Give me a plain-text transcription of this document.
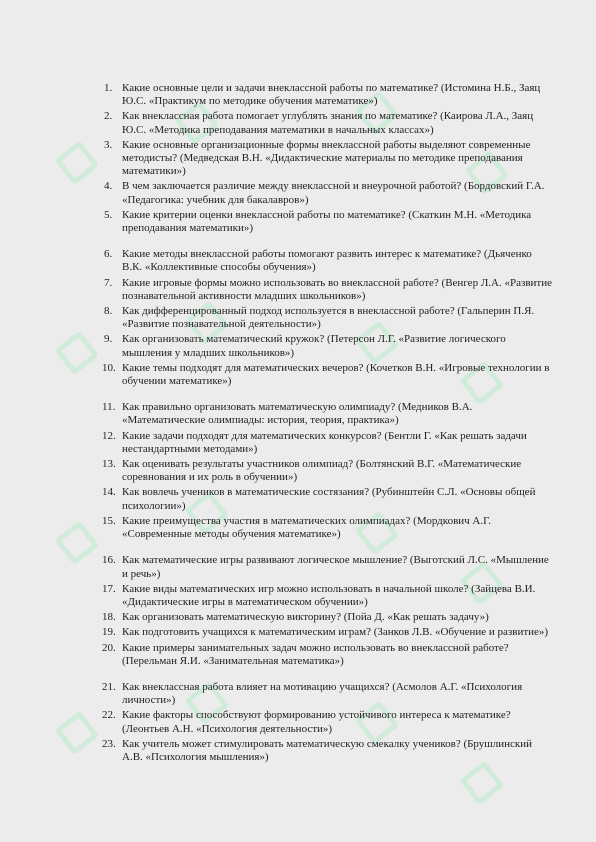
1. Какие основные цели и задачи внеклассной работы по математике? (Истомина Н.Б., Заяц Ю.С. «Практикум по методике обучения математике»)
2. Как внеклассная работа помогает углублять знания по математике? (Каирова Л.А., Заяц Ю.С. «Методика преподавания математики в начальных классах»)
3. Какие основные организационные формы внеклассной работы выделяют современные методисты? (Медведская В.Н. «Дидактические материалы по методике преподавания математики»)
4. В чем заключается различие между внеклассной и внеурочной работой? (Бордовский Г.А. «Педагогика: учебник для бакалавров»)
5. Какие критерии оценки внеклассной работы по математике? (Скаткин М.Н. «Методика преподавания математики»)
6. Какие методы внеклассной работы помогают развить интерес к математике? (Дьяченко В.К. «Коллективные способы обучения»)
7. Какие игровые формы можно использовать во внеклассной работе? (Венгер Л.А. «Развитие познавательной активности младших школьников»)
8. Как дифференцированный подход используется в внеклассной работе? (Гальперин П.Я. «Развитие познавательной деятельности»)
9. Как организовать математический кружок? (Петерсон Л.Г. «Развитие логического мышления у младших школьников»)
10. Какие темы подходят для математических вечеров? (Кочетков В.Н. «Игровые технологии в обучении математике»)
11. Как правильно организовать математическую олимпиаду? (Медников В.А. «Математические олимпиады: история, теория, практика»)
12. Какие задачи подходят для математических конкурсов? (Бентли Г. «Как решать задачи нестандартными методами»)
13. Как оценивать результаты участников олимпиад? (Болтянский В.Г. «Математические соревнования и их роль в обучении»)
14. Как вовлечь учеников в математические состязания? (Рубинштейн С.Л. «Основы общей психологии»)
15. Какие преимущества участия в математических олимпиадах? (Мордкович А.Г. «Современные методы обучения математике»)
16. Как математические игры развивают логическое мышление? (Выготский Л.С. «Мышление и речь»)
17. Какие виды математических игр можно использовать в начальной школе? (Зайцева В.И. «Дидактические игры в математическом обучении»)
18. Как организовать математическую викторину? (Пойа Д. «Как решать задачу»)
19. Как подготовить учащихся к математическим играм? (Занков Л.В. «Обучение и развитие»)
20. Какие примеры занимательных задач можно использовать во внеклассной работе? (Перельман Я.И. «Занимательная математика»)
21. Как внеклассная работа влияет на мотивацию учащихся? (Асмолов А.Г. «Психология личности»)
22. Какие факторы способствуют формированию устойчивого интереса к математике? (Леонтьев А.Н. «Психология деятельности»)
23. Как учитель может стимулировать математическую смекалку учеников? (Брушлинский А.В. «Психология мышления»)
